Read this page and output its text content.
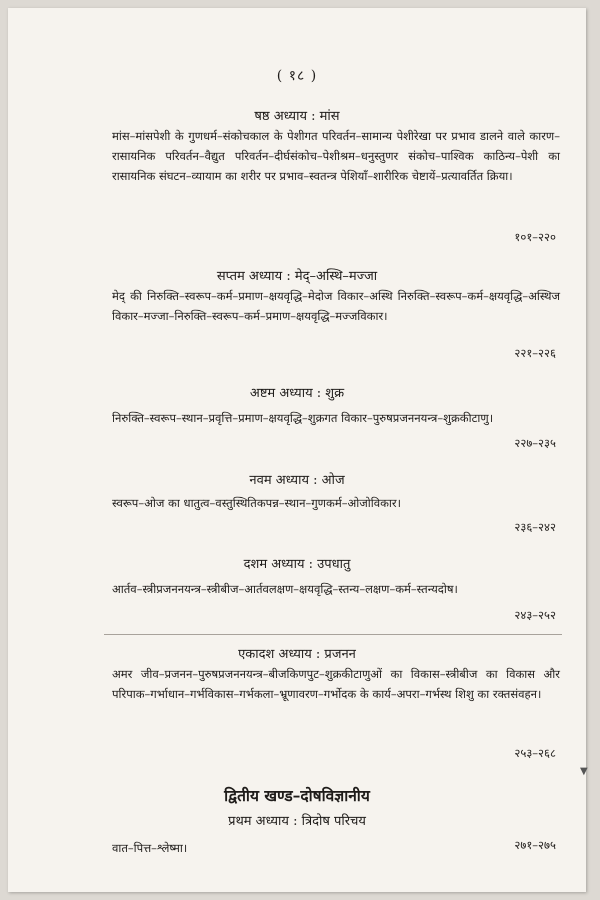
( १८ )
षष्ठ अध्याय : मांस
मांस–मांसपेशी के गुणधर्म–संकोचकाल के पेशीगत परिवर्तन–सामान्य पेशीरेखा पर प्रभाव डालने वाले कारण–रासायनिक परिवर्तन–वैद्युत परिवर्तन–दीर्घसंकोच–पेशीश्रम–धनुस्तुणर संकोच–पाश्विक काठिन्य–पेशी का रासायनिक संघटन–व्यायाम का शरीर पर प्रभाव–स्वतन्त्र पेशियाँ–शारीरिक चेष्टायें–प्रत्यावर्तित क्रिया।
१०१–२२०
सप्तम अध्याय : मेद्–अस्थि–मज्जा
मेद् की निरुक्ति–स्वरूप–कर्म–प्रमाण–क्षयवृद्धि–मेदोज विकार–अस्थि निरुक्ति–स्वरूप–कर्म–क्षयवृद्धि–अस्थिज विकार–मज्जा–निरुक्ति–स्वरूप–कर्म–प्रमाण–क्षयवृद्धि–मज्जविकार।
२२१–२२६
अष्टम अध्याय : शुक्र
निरुक्ति–स्वरूप–स्थान–प्रवृत्ति–प्रमाण–क्षयवृद्धि–शुक्रगत विकार–पुरुषप्रजननयन्त्र–शुक्रकीटाणु।
२२७–२३५
नवम अध्याय : ओज
स्वरूप–ओज का धातुत्व–वस्तुस्थितिकपन्न–स्थान–गुणकर्म–ओजोविकार।
२३६–२४२
दशम अध्याय : उपधातु
आर्तव–स्त्रीप्रजननयन्त्र–स्त्रीबीज–आर्तवलक्षण–क्षयवृद्धि–स्तन्य–लक्षण–कर्म–स्तन्यदोष।
२४३–२५२
एकादश अध्याय : प्रजनन
अमर जीव–प्रजनन–पुरुषप्रजननयन्त्र–बीजकिणपुट–शुक्रकीटाणुओं का विकास–स्त्रीबीज का विकास और परिपाक–गर्भाधान–गर्भविकास–गर्भकला–भ्रूणावरण–गर्भोदक के कार्य–अपरा–गर्भस्थ शिशु का रक्तसंवहन।
२५३–२६८
▼
द्वितीय खण्ड–दोषविज्ञानीय
प्रथम अध्याय : त्रिदोष परिचय
वात–पित्त–श्लेष्मा।	२७१–२७५
